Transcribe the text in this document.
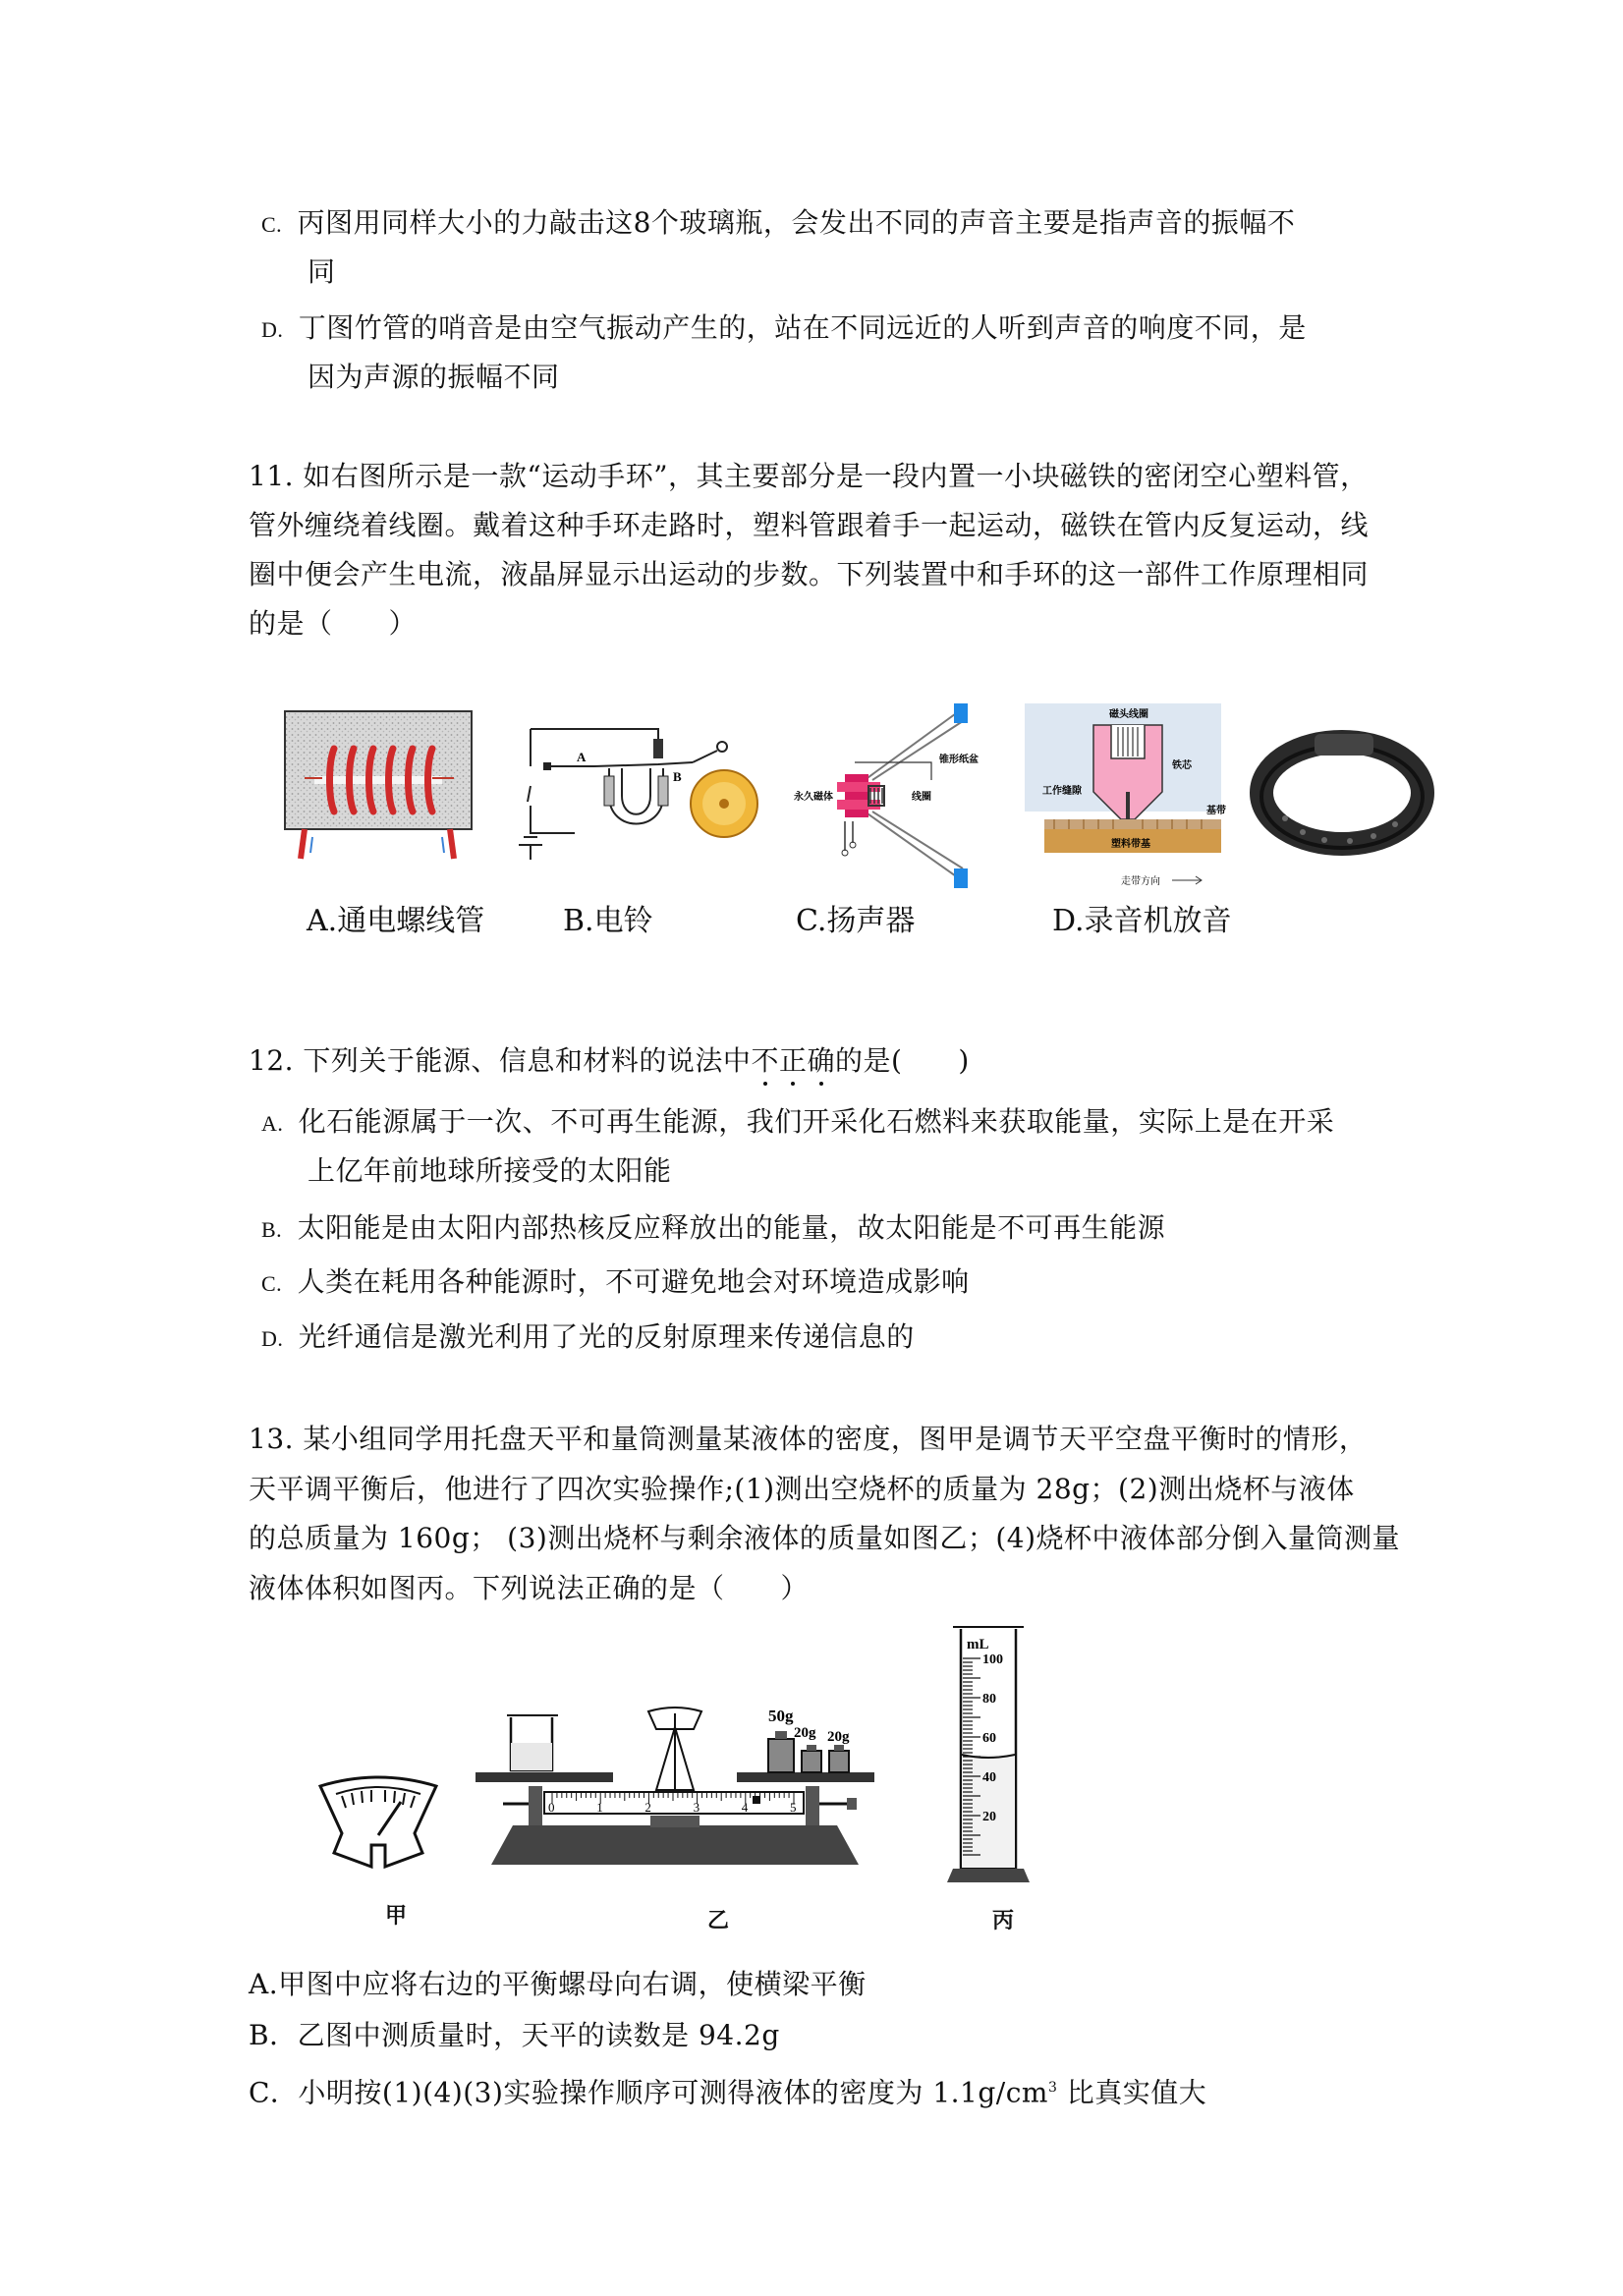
C. 丙图用同样大小的力敲击这8个玻璃瓶，会发出不同的声音主要是指声音的振幅不
同
D. 丁图竹管的哨音是由空气振动产生的，站在不同远近的人听到声音的响度不同，是
因为声源的振幅不同
11. 如右图所示是一款“运动手环”，其主要部分是一段内置一小块磁铁的密闭空心塑料管，
管外缠绕着线圈。戴着这种手环走路时，塑料管跟着手一起运动，磁铁在管内反复运动，线
圈中便会产生电流，液晶屏显示出运动的步数。下列装置中和手环的这一部件工作原理相同
的是（　　）
A
B
锥形纸盆
永久磁体	线圈
磁头线圈
铁芯
工作缝隙
基带
塑料带基
走带方向
A.通电螺线管	B.电铃	C.扬声器	D.录音机放音
12. 下列关于能源、信息和材料的说法中不正确的是(　　)
A. 化石能源属于一次、不可再生能源，我们开采化石燃料来获取能量，实际上是在开采
上亿年前地球所接受的太阳能
B. 太阳能是由太阳内部热核反应释放出的能量，故太阳能是不可再生能源
C. 人类在耗用各种能源时，不可避免地会对环境造成影响
D. 光纤通信是激光利用了光的反射原理来传递信息的
13. 某小组同学用托盘天平和量筒测量某液体的密度，图甲是调节天平空盘平衡时的情形，
天平调平衡后，他进行了四次实验操作;(1)测出空烧杯的质量为 28g；(2)测出烧杯与液体
的总质量为 160g； (3)测出烧杯与剩余液体的质量如图乙；(4)烧杯中液体部分倒入量筒测量
液体体积如图丙。下列说法正确的是（　　）
甲
50g
20g 20g
0	1	2	3	4	5
乙
100
80
60
40
20
mL
丙
A.甲图中应将右边的平衡螺母向右调，使横梁平衡
B．乙图中测质量时，天平的读数是 94.2g
C．小明按(1)(4)(3)实验操作顺序可测得液体的密度为 $1.1g/cm^3$ 比真实值大
